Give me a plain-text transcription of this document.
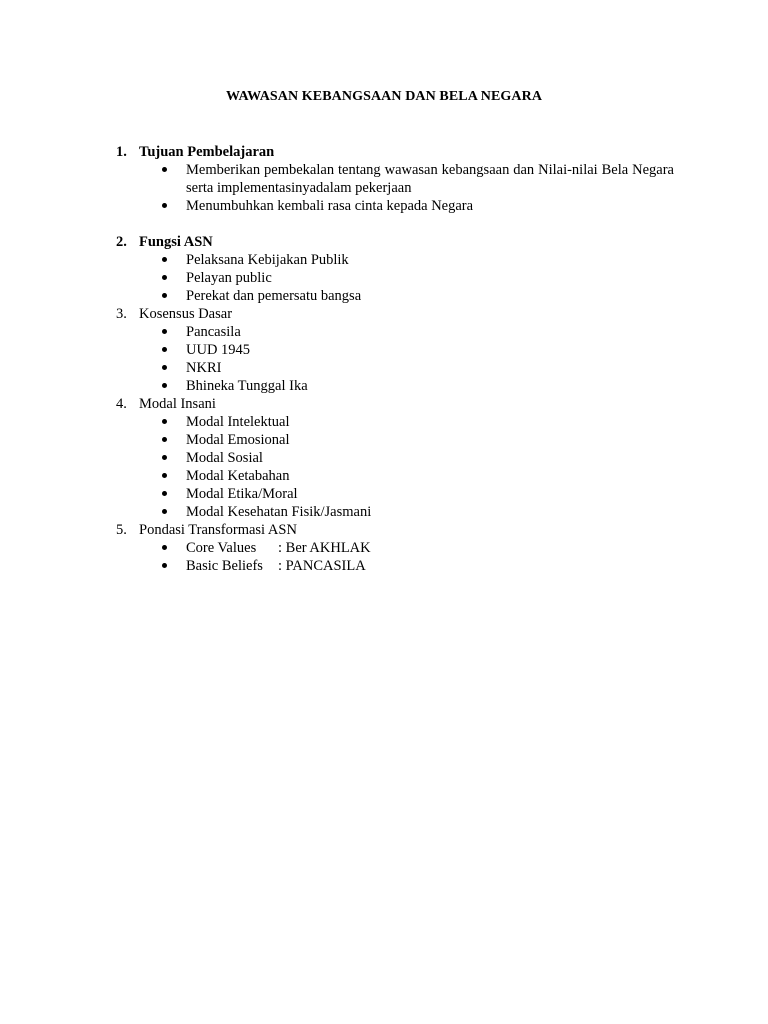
WAWASAN KEBANGSAAN DAN BELA NEGARA
1. Tujuan Pembelajaran
Memberikan pembekalan tentang wawasan kebangsaan dan Nilai-nilai Bela Negara serta implementasinyadalam pekerjaan
Menumbuhkan kembali rasa cinta kepada Negara
2. Fungsi ASN
Pelaksana Kebijakan Publik
Pelayan public
Perekat dan pemersatu bangsa
3. Kosensus Dasar
Pancasila
UUD 1945
NKRI
Bhineka Tunggal Ika
4. Modal Insani
Modal Intelektual
Modal Emosional
Modal Sosial
Modal Ketabahan
Modal Etika/Moral
Modal Kesehatan Fisik/Jasmani
5. Pondasi Transformasi ASN
Core Values : Ber AKHLAK
Basic Beliefs : PANCASILA
